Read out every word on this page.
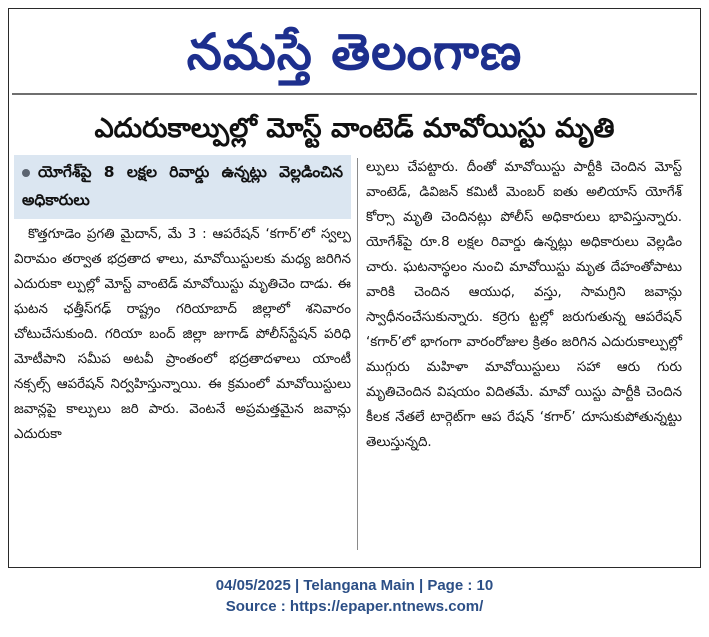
నమస్తే తెలంగాణ
ఎదురుకాల్పుల్లో మోస్ట్ వాంటెడ్ మావోయిస్టు మృతి
యోగేశ్‌పై 8 లక్షల రివార్డు ఉన్నట్లు వెల్లడించిన అధికారులు
కొత్తగూడెం ప్రగతి మైదాన్, మే 3 : ఆపరేషన్ ‘కగార్’లో స్వల్ప విరామం తర్వాత భద్రతాద ళాలు, మావోయిస్టులకు మధ్య జరిగిన ఎదురుకా ల్పుల్లో మోస్ట్ వాంటెడ్ మావోయిస్టు మృతిచెం దాడు. ఈ ఘటన ఛత్తీస్‌గఢ్ రాష్ట్రం గరియాబాద్ జిల్లాలో శనివారం చోటుచేసుకుంది. గరియా బంద్ జిల్లా జుగాడ్ పోలీస్‌స్టేషన్ పరిధి మోటీపాని సమీప అటవీ ప్రాంతంలో భద్రతాదళాలు యాంటీ నక్సల్స్ ఆపరేషన్ నిర్వహిస్తున్నాయి. ఈ క్రమంలో మావోయిస్టులు జవాన్లపై కాల్పులు జరి పారు. వెంటనే అప్రమత్తమైన జవాన్లు ఎదురుకా
ల్పులు చేపట్టారు. దీంతో మావోయిస్టు పార్టీకి చెందిన మోస్ట్ వాంటెడ్, డివిజన్ కమిటీ మెంబర్ ఐతు అలియాస్ యోగేశ్ కోర్సా మృతి చెందినట్లు పోలీస్ అధికారులు భావిస్తున్నారు. యోగేశ్‌పై రూ.8 లక్షల రివార్డు ఉన్నట్లు అధికారులు వెల్లడిం చారు. ఘటనాస్థలం నుంచి మావోయిస్టు మృత దేహంతోపాటు వారికి చెందిన ఆయుధ, వస్తు, సామగ్రిని జవాన్లు స్వాధీనంచేసుకున్నారు. కర్రెగు ట్టల్లో జరుగుతున్న ఆపరేషన్ ‘కగార్’లో భాగంగా వారంరోజుల క్రితం జరిగిన ఎదురుకాల్పుల్లో ముగ్గురు మహిళా మావోయిస్టులు సహా ఆరు గురు మృతిచెందిన విషయం విదితమే. మావో యిస్టు పార్టీకి చెందిన కీలక నేతలే టార్గెట్‌గా ఆప రేషన్ ‘కగార్’ దూసుకుపోతున్నట్టు తెలుస్తున్నది.
04/05/2025 | Telangana Main | Page : 10
Source : https://epaper.ntnews.com/
